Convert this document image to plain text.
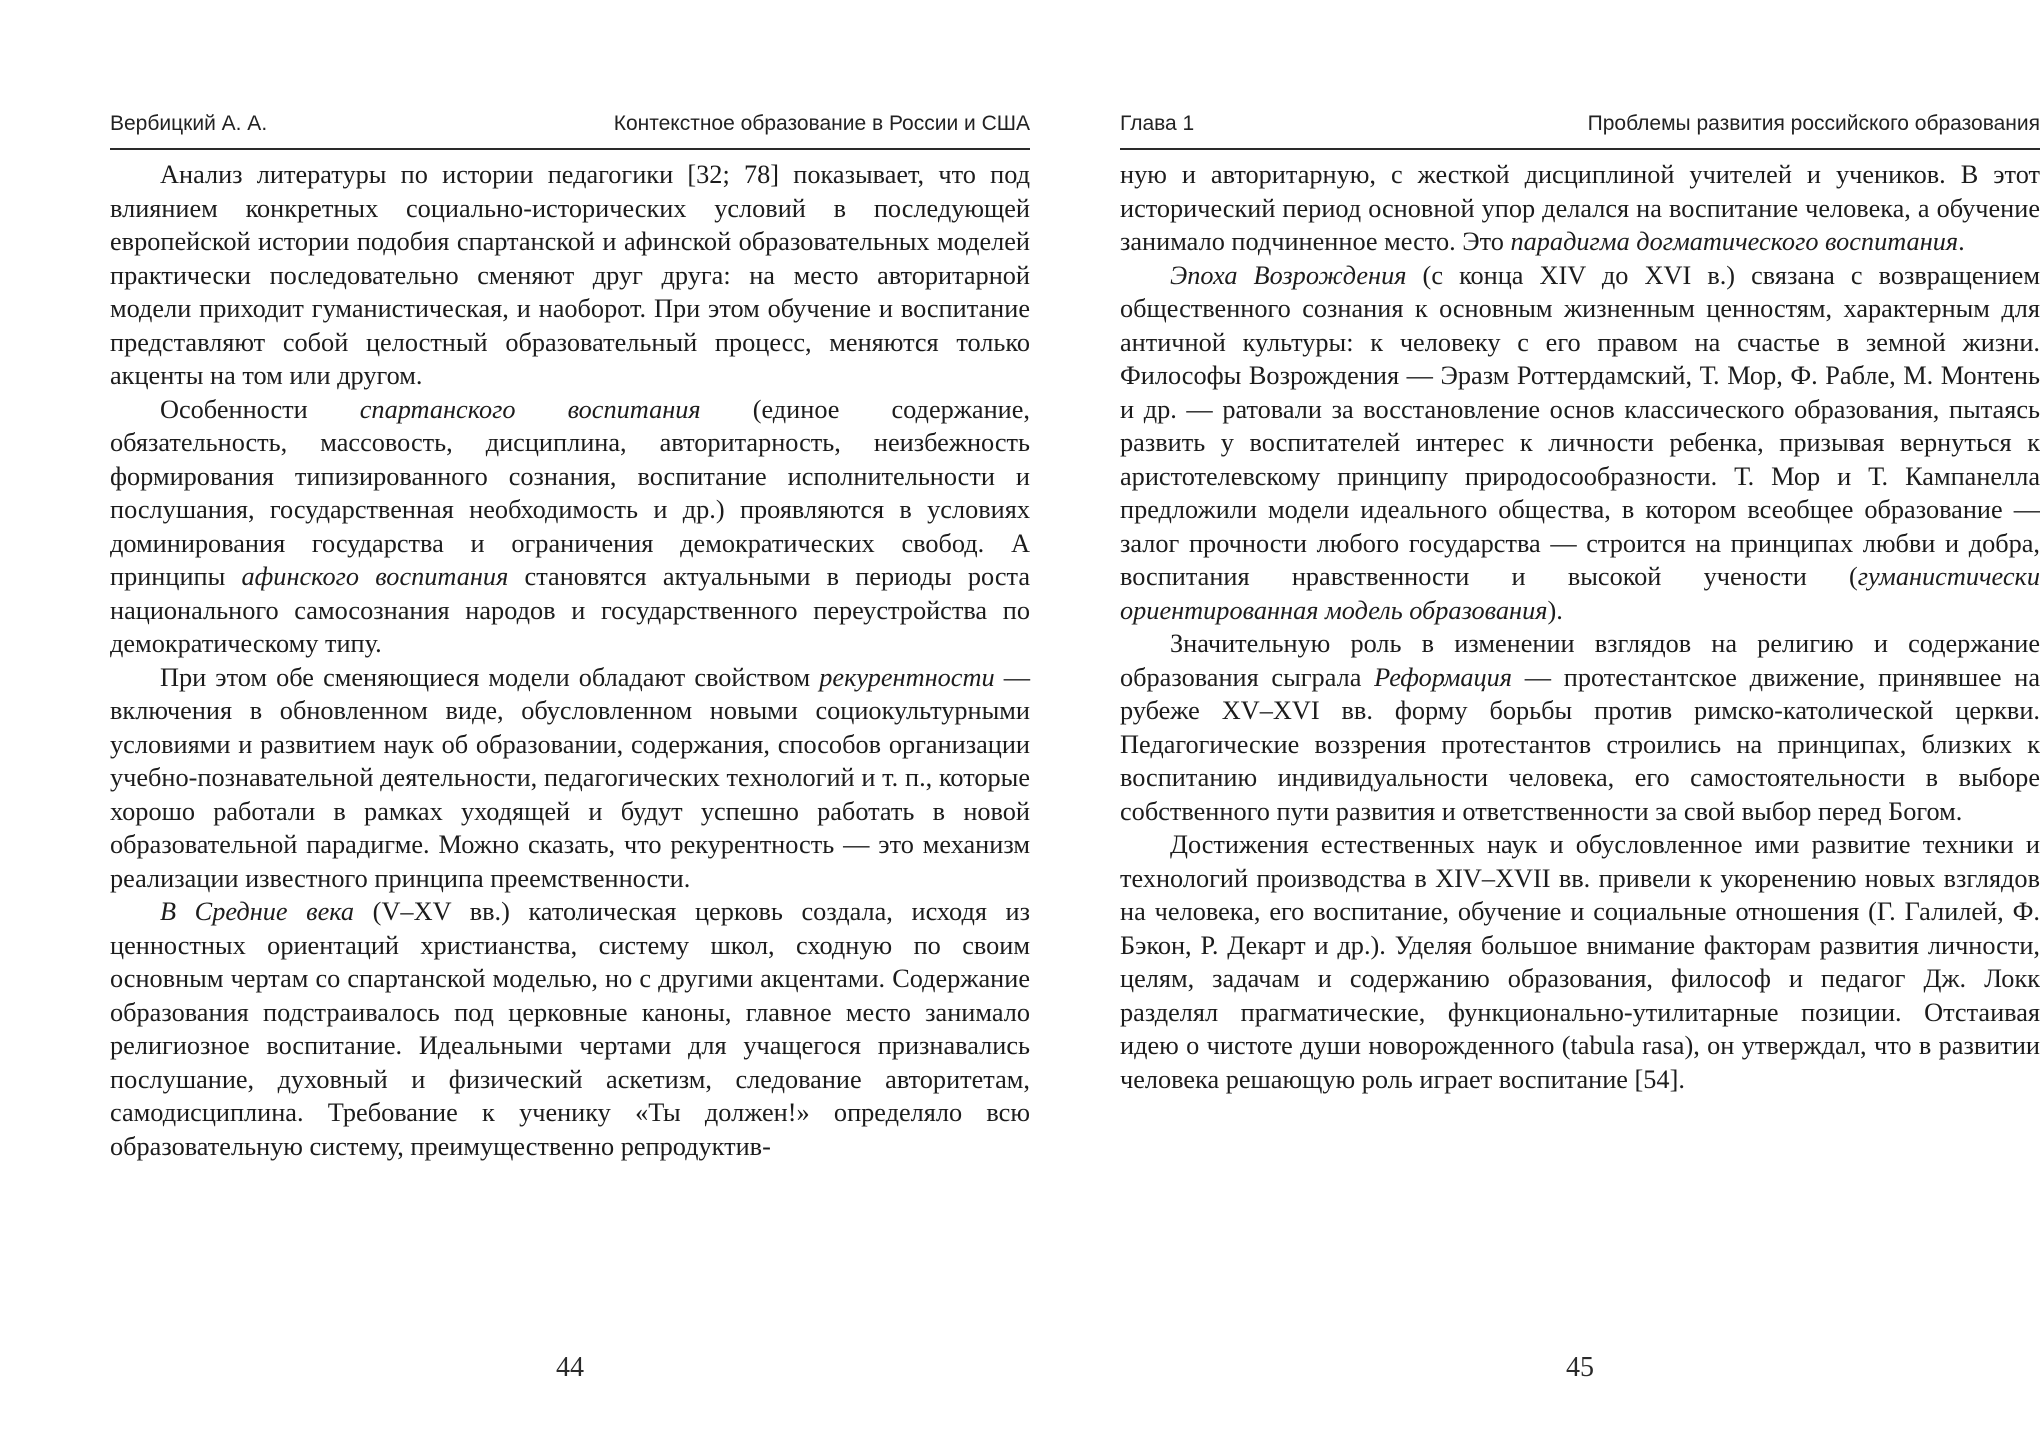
Вербицкий А. А.	Контекстное образование в России и США

Анализ литературы по истории педагогики [32; 78] показывает, что под влиянием конкретных социально-исторических условий в последующей европейской истории подобия спартанской и афинской образовательных моделей практически последовательно сменяют друг друга: на место авторитарной модели приходит гуманистическая, и наоборот. При этом обучение и воспитание представляют собой целостный образовательный процесс, меняются только акценты на том или другом.

Особенности спартанского воспитания (единое содержание, обязательность, массовость, дисциплина, авторитарность, неизбежность формирования типизированного сознания, воспитание исполнительности и послушания, государственная необходимость и др.) проявляются в условиях доминирования государства и ограничения демократических свобод. А принципы афинского воспитания становятся актуальными в периоды роста национального самосознания народов и государственного переустройства по демократическому типу.

При этом обе сменяющиеся модели обладают свойством рекурентности — включения в обновленном виде, обусловленном новыми социокультурными условиями и развитием наук об образовании, содержания, способов организации учебно-познавательной деятельности, педагогических технологий и т. п., которые хорошо работали в рамках уходящей и будут успешно работать в новой образовательной парадигме. Можно сказать, что рекурентность — это механизм реализации известного принципа преемственности.

В Средние века (V–XV вв.) католическая церковь создала, исходя из ценностных ориентаций христианства, систему школ, сходную по своим основным чертам со спартанской моделью, но с другими акцентами. Содержание образования подстраивалось под церковные каноны, главное место занимало религиозное воспитание. Идеальными чертами для учащегося признавались послушание, духовный и физический аскетизм, следование авторитетам, самодисциплина. Требование к ученику «Ты должен!» определяло всю образовательную систему, преимущественно репродуктив-

44
Глава 1	Проблемы развития российского образования

ную и авторитарную, с жесткой дисциплиной учителей и учеников. В этот исторический период основной упор делался на воспитание человека, а обучение занимало подчиненное место. Это парадигма догматического воспитания.

Эпоха Возрождения (с конца XIV до XVI в.) связана с возвращением общественного сознания к основным жизненным ценностям, характерным для античной культуры: к человеку с его правом на счастье в земной жизни. Философы Возрождения — Эразм Роттердамский, Т. Мор, Ф. Рабле, М. Монтень и др. — ратовали за восстановление основ классического образования, пытаясь развить у воспитателей интерес к личности ребенка, призывая вернуться к аристотелевскому принципу природосообразности. Т. Мор и Т. Кампанелла предложили модели идеального общества, в котором всеобщее образование — залог прочности любого государства — строится на принципах любви и добра, воспитания нравственности и высокой учености (гуманистически ориентированная модель образования).

Значительную роль в изменении взглядов на религию и содержание образования сыграла Реформация — протестантское движение, принявшее на рубеже XV–XVI вв. форму борьбы против римско-католической церкви. Педагогические воззрения протестантов строились на принципах, близких к воспитанию индивидуальности человека, его самостоятельности в выборе собственного пути развития и ответственности за свой выбор перед Богом.

Достижения естественных наук и обусловленное ими развитие техники и технологий производства в XIV–XVII вв. привели к укоренению новых взглядов на человека, его воспитание, обучение и социальные отношения (Г. Галилей, Ф. Бэкон, Р. Декарт и др.). Уделяя большое внимание факторам развития личности, целям, задачам и содержанию образования, философ и педагог Дж. Локк разделял прагматические, функционально-утилитарные позиции. Отстаивая идею о чистоте души новорожденного (tabula rasa), он утверждал, что в развитии человека решающую роль играет воспитание [54].

45
